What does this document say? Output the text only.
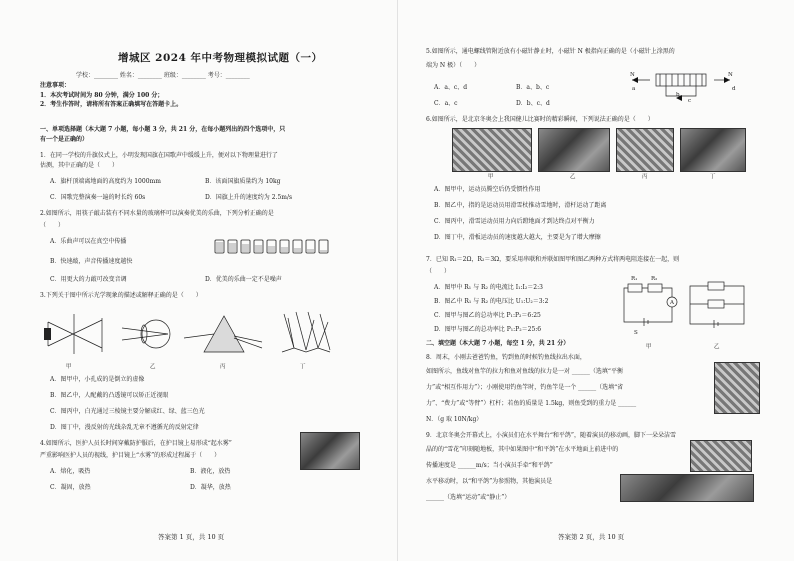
增城区 2024 年中考物理模拟试题（一）
学校：________ 姓名：________ 班级：________ 考号：________
注意事项：
1．本次考试时间为 80 分钟，满分 100 分；
2．考生作答时，请将所有答案正确填写在答题卡上。
一、单项选择题（本大题 7 小题，每小题 3 分，共 21 分，在每小题列出的四个选项中，只
有一个是正确的）
1．在同一学校的升旗仪式上，小明发现国旗在国歌声中缓缓上升，便对以下物理量进行了
估测，其中正确的是（　　）
A．旗杆顶端离地面的高度约为 1000mm	B．该面国旗质量约为 10kg
C．国歌完整演奏一遍的时长约 60s	D．国旗上升的速度约为 2.5m/s
2.如图所示，用筷子敲击装有不同水量的玻璃杯可以演奏优美的乐曲，下列分析正确的是
（　　）
A．乐曲声可以在真空中传播
B．快速敲，声音传播速度越快
C．用更大的力敲可改变音调	D．优美的乐曲一定不是噪声
3.下列关于图中所示光学现象的描述或解释正确的是（　　）
甲	乙	丙	丁
A．图甲中，小孔成的是倒立的虚像
B．图乙中，人配戴的凸透镜可以矫正近视眼
C．图丙中，白光通过三棱镜主要分解成红、绿、蓝三色光
D．图丁中，漫反射的光线杂乱无章不遵循光的反射定律
4.如图所示，医护人员长时间穿戴防护服后，在护目镜上易形成“起水雾”
严重影响医护人员的视线，护目镜上“水雾”的形成过程属于（　　）
A．熔化，吸热	B．液化，放热
C．凝固，放热	D．凝华，放热
答案第 1 页，共 10 页
5.如图所示，通电螺线管附近放有小磁针静止时，小磁针 N 极指向正确的是（小磁针上涂黑的
端为 N 极）（　　）
N	N
a
b
c
d
A．a、c、d	B．a、b、c
C．a、c	D．b、c、d
6.如图所示，是北京冬奥会上我国健儿比赛时的精彩瞬间，下列说法正确的是（　　）
甲	乙	丙	丁
A．图甲中，运动员腾空后仍受惯性作用
B．图乙中，指的是运动员用滑雪杖推动雪地时，滑杆运动了距离
C．图丙中，滑雪运动员用力向后蹬地面才到达终点对平衡力
D．图丁中，滑板运动员的速度越大越大，主要是为了增大摩擦
7．已知 R₁＝2Ω，R₂＝3Ω，要采用串联和并联如图甲和图乙两种方式将两电阻连接在一起，则
（　　）
R₁ R₂
A
S
甲	乙
A．图甲中 R₁ 与 R₂ 的电流比 I₁:I₂＝2:3
B．图乙中 R₁ 与 R₂ 的电压比 U₁:U₂＝3:2
C．图甲与图乙的总功率比 P₁:P₂＝6:25
D．图甲与图乙的总功率比 P₁:P₂＝25:6
二、填空题（本大题 7 小题，每空 1 分，共 21 分）
8．周末，小刚去爸爸钓鱼，钓到鱼的时候钓鱼线拉出水面，
如图所示，鱼线对鱼竿的拉力和鱼对鱼线的拉力是一对 ______（选填“平衡
力”或“相互作用力”）；小刚使用钓鱼竿时，钓鱼竿是一个 ______（选填“省
力”、“费力”或“等臂”）杠杆；若鱼的质量是 1.5kg，则鱼受到的重力是 ______
N．（g 取 10N/kg）
9．北京冬奥会开幕式上，小演员们在水平舞台“和平鸽”，随着演员的移动画，脚下一朵朵洁雪
晶的的“雪花”印刻随地板，其中如果图中“和平鸽”在水平地面上前进中的
传播速度是 ______m/s；当小演员手牵“和平鸽”
水平移动时，以“和平鸽”为参照物，其他演员是
______（选填“运动”或“静止”）
答案第 2 页，共 10 页
